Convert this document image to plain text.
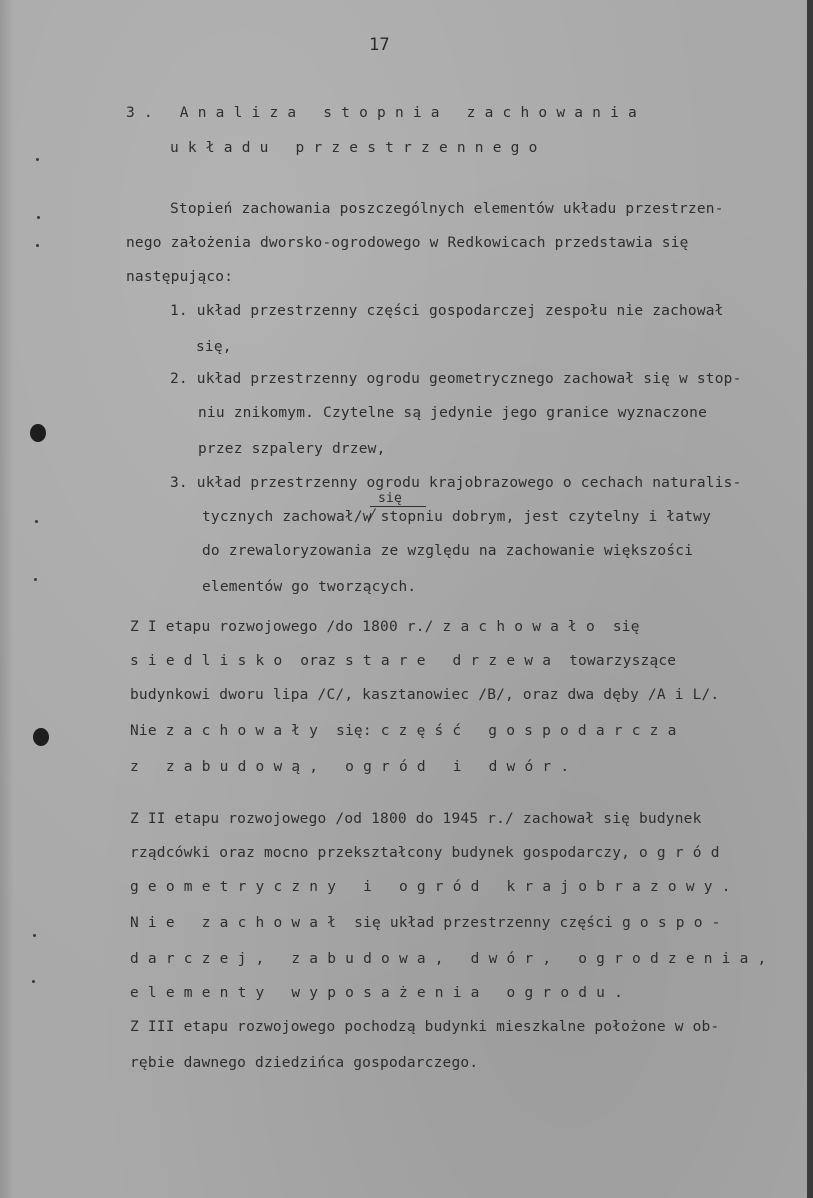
17
3. Analiza stopnia zachowania
układu przestrzennego
Stopień zachowania poszczególnych elementów układu przestrzen-
nego założenia dworsko-ogrodowego w Redkowicach przedstawia się
następująco:
1. układ przestrzenny części gospodarczej zespołu nie zachował
się,
2. układ przestrzenny ogrodu geometrycznego zachował się w stop-
niu znikomym. Czytelne są jedynie jego granice wyznaczone
przez szpalery drzew,
3. układ przestrzenny ogrodu krajobrazowego o cechach naturalis-
się
tycznych zachował/w stopniu dobrym, jest czytelny i łatwy
do zrewaloryzowania ze względu na zachowanie większości
elementów go tworzących.
Z I etapu rozwojowego /do 1800 r./ zachowało się
siedlisko oraz stare drzewa towarzyszące
budynkowi dworu lipa /C/, kasztanowiec /B/, oraz dwa dęby /A i L/.
Nie zachowały się: część gospodarcza
z zabudową, ogród i dwór.
Z II etapu rozwojowego /od 1800 do 1945 r./ zachował się budynek
rządcówki oraz mocno przekształcony budynek gospodarczy, ogród
geometryczny i ogród krajobrazowy.
Nie zachował się układ przestrzenny części gospo-
darczej, zabudowa, dwór, ogrodzenia,
elementy wyposażenia ogrodu.
Z III etapu rozwojowego pochodzą budynki mieszkalne położone w ob-
rębie dawnego dziedzińca gospodarczego.
